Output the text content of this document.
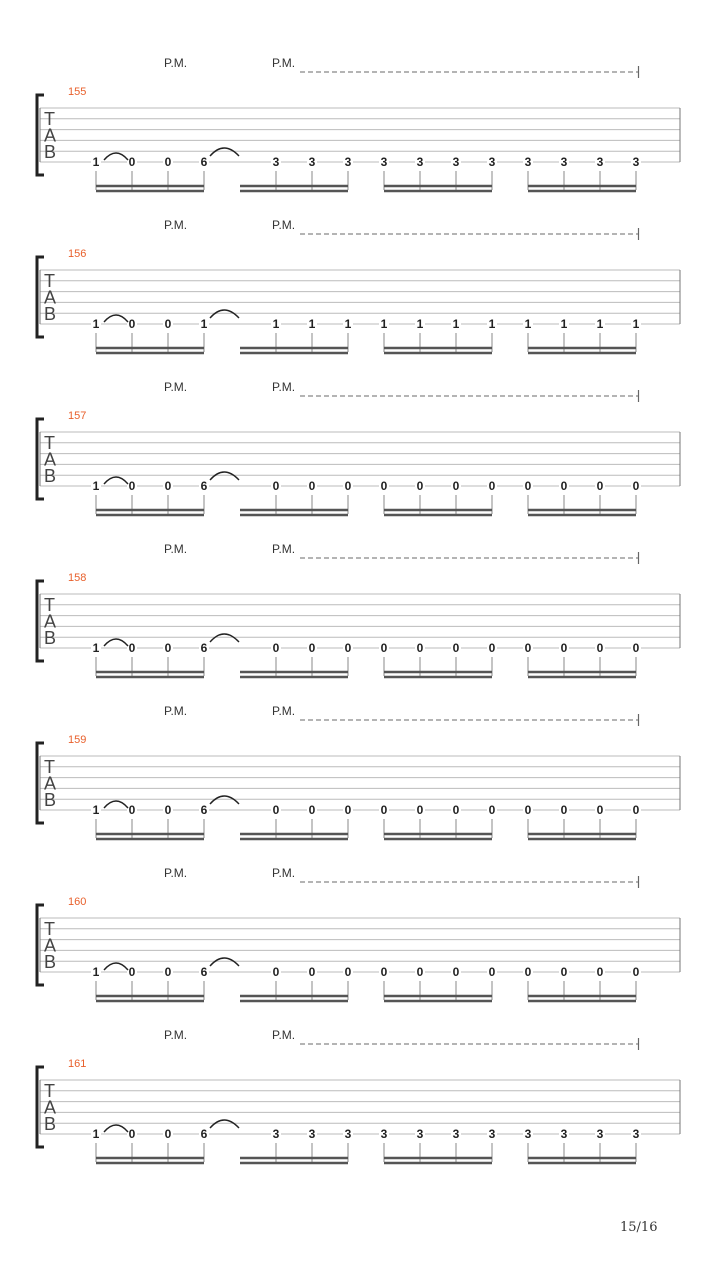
P.M.	P.M.
155
T
A
B	1 0 0 6	3 3 3 3 3 3 3 3 3 3 3
P.M.	P.M.
156
T
A
B	1 0 0 1	1 1 1 1 1 1 1 1 1 1 1
P.M.	P.M.
157
T
A
B	1 0 0 6	0 0 0 0 0 0 0 0 0 0 0
P.M.	P.M.
158
T
A
B	1 0 0 6	0 0 0 0 0 0 0 0 0 0 0
P.M.	P.M.
159
T
A
B	1 0 0 6	0 0 0 0 0 0 0 0 0 0 0
P.M.	P.M.
160
T
A
B	1 0 0 6	0 0 0 0 0 0 0 0 0 0 0
P.M.	P.M.
161
T
A
B	1 0 0 6	3 3 3 3 3 3 3 3 3 3 3
15/16
